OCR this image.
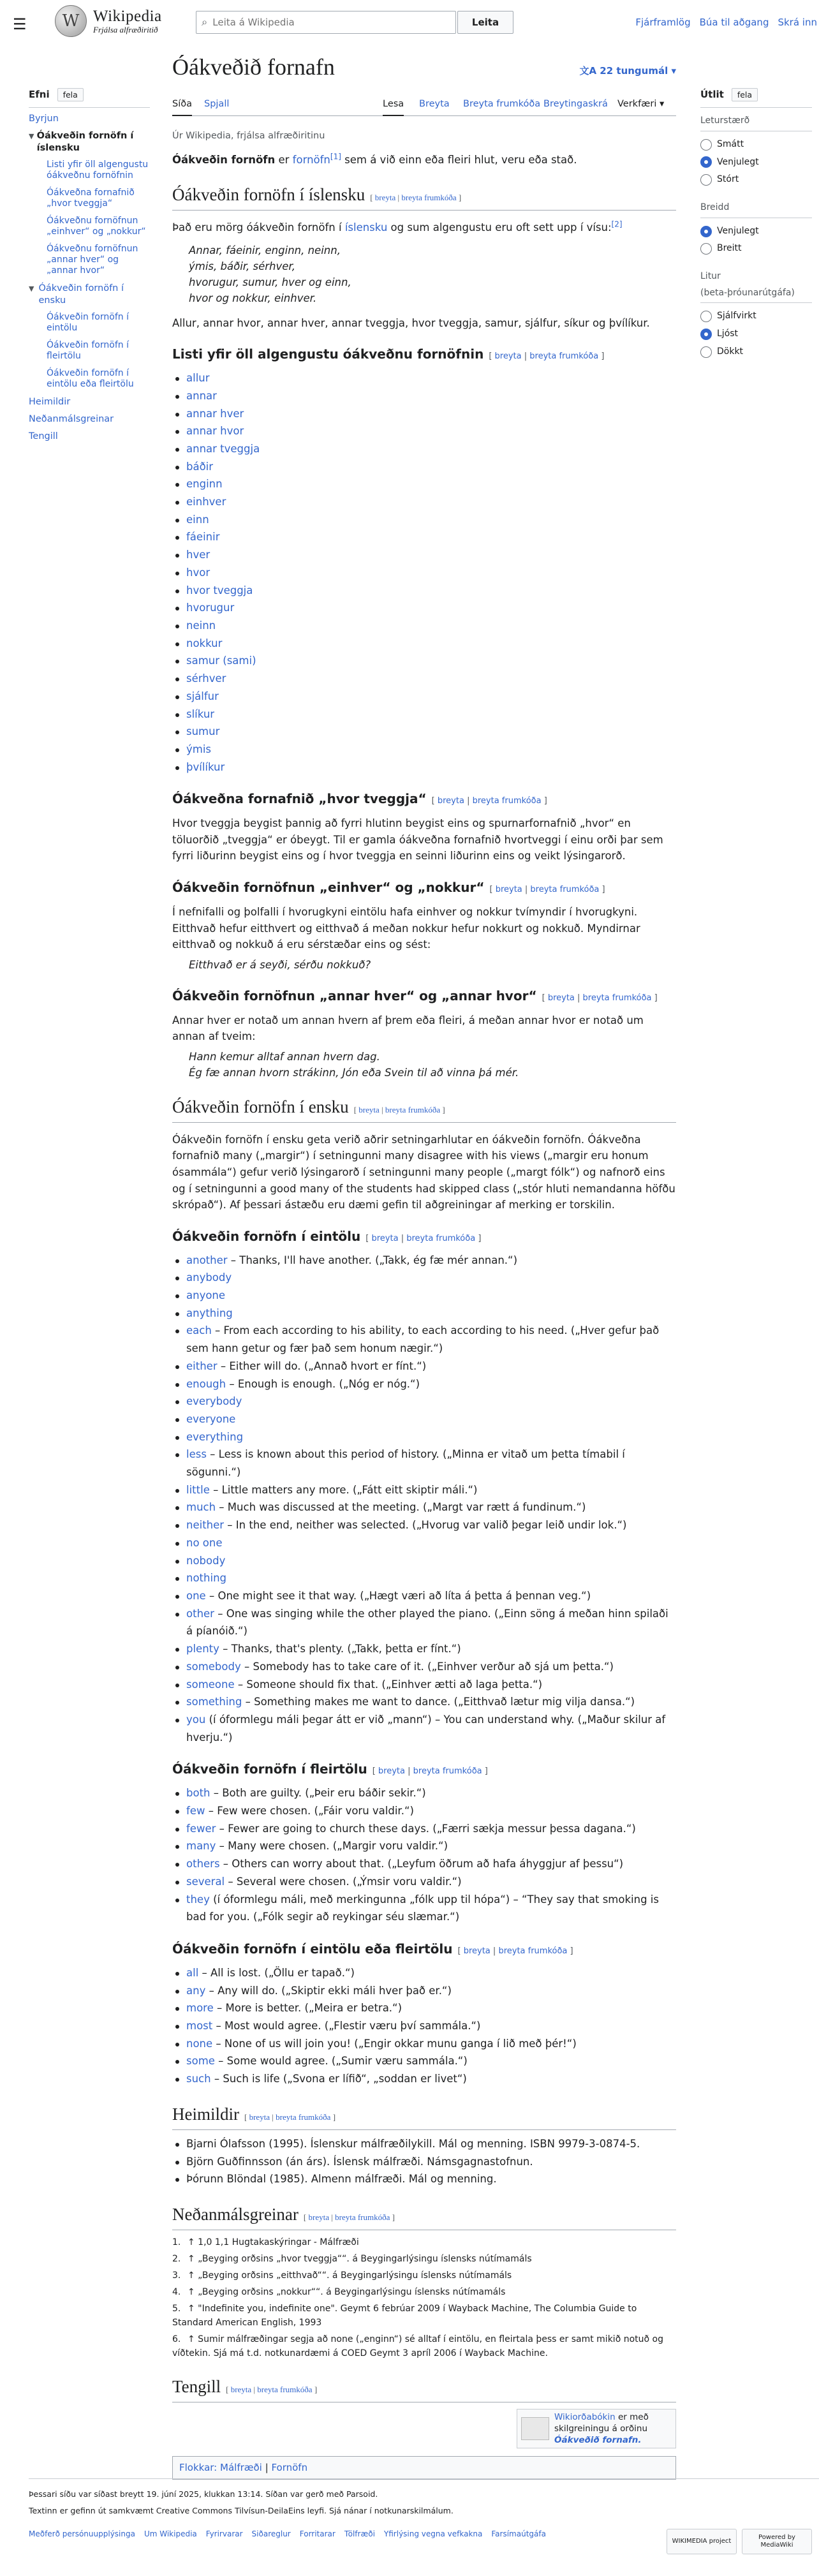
☰	W Wikipedia
Frjálsa alfræðiritið
⌕
Leita á Wikipedia	Leita	Fjárframlög Búa til aðgang Skrá inn
Efni	fela
Byrjun
▼ Óákveðin fornöfn í íslensku
Listi yfir öll algengustu óákveðnu fornöfnin
Óákveðna fornafnið „hvor tveggja“
Óákveðnu fornöfnun „einhver“ og „nokkur“
Óákveðnu fornöfnun „annar hver“ og „annar hvor“
▼ Óákveðin fornöfn í ensku
Óákveðin fornöfn í eintölu
Óákveðin fornöfn í fleirtölu
Óákveðin fornöfn í eintölu eða fleirtölu
Heimildir
Neðanmálsgreinar
Tengill
Útlit	fela
Leturstærð
Smátt
Venjulegt
Stórt
Breidd
Venjulegt
Breitt
Litur
(beta-þróunarútgáfa)
Sjálfvirkt
Ljóst
Dökkt
Óákveðið fornafn	文A 22 tungumál ▾
Síða Spjall	Lesa Breyta Breyta frumkóða Breytingaskrá Verkfæri ▾
Úr Wikipedia, frjálsa alfræðiritinu

Óákveðin fornöfn er fornöfn[1] sem á við einn eða fleiri hlut, veru eða stað.

Óákveðin fornöfn í íslensku [ breyta | breyta frumkóða ]

Það eru mörg óákveðin fornöfn í íslensku og sum algengustu eru oft sett upp í vísu:[2]

Annar, fáeinir, enginn, neinn,
ýmis, báðir, sérhver,
hvorugur, sumur, hver og einn,
hvor og nokkur, einhver.

Allur, annar hvor, annar hver, annar tveggja, hvor tveggja, samur, sjálfur, síkur og þvílíkur.

Listi yfir öll algengustu óákveðnu fornöfnin [ breyta | breyta frumkóða ]
allur
annar
annar hver
annar hvor
annar tveggja
báðir
enginn
einhver
einn
fáeinir
hver
hvor
hvor tveggja
hvorugur
neinn
nokkur
samur (sami)
sérhver
sjálfur
slíkur
sumur
ýmis
þvílíkur
Óákveðna fornafnið „hvor tveggja“ [ breyta | breyta frumkóða ]

Hvor tveggja beygist þannig að fyrri hlutinn beygist eins og spurnarfornafnið „hvor“ en töluorðið „tveggja“ er óbeygt. Til er gamla óákveðna fornafnið hvortveggi í einu orði þar sem fyrri liðurinn beygist eins og í hvor tveggja en seinni liðurinn eins og veikt lýsingarorð.

Óákveðin fornöfnun „einhver“ og „nokkur“ [ breyta | breyta frumkóða ]

Í nefnifalli og þolfalli í hvorugkyni eintölu hafa einhver og nokkur tvímyndir í hvorugkyni. Eitthvað hefur eitthvert og eitthvað á meðan nokkur hefur nokkurt og nokkuð. Myndirnar eitthvað og nokkuð á eru sérstæðar eins og sést:

Eitthvað er á seyði, sérðu nokkuð?
Óákveðin fornöfnun „annar hver“ og „annar hvor“ [ breyta | breyta frumkóða ]

Annar hver er notað um annan hvern af þrem eða fleiri, á meðan annar hvor er notað um annan af tveim:

Hann kemur alltaf annan hvern dag.
Ég fæ annan hvorn strákinn, Jón eða Svein til að vinna þá mér.
Óákveðin fornöfn í ensku [ breyta | breyta frumkóða ]

Óákveðin fornöfn í ensku geta verið aðrir setningarhlutar en óákveðin fornöfn. Óákveðna fornafnið many („margir“) í setningunni many disagree with his views („margir eru honum ósammála“) gefur verið lýsingarorð í setningunni many people („margt fólk“) og nafnorð eins og í setningunni a good many of the students had skipped class („stór hluti nemandanna höfðu skrópað“). Af þessari ástæðu eru dæmi gefin til aðgreiningar af merking er torskilin.

Óákveðin fornöfn í eintölu [ breyta | breyta frumkóða ]
another – Thanks, I'll have another. („Takk, ég fæ mér annan.“)
anybody
anyone
anything
each – From each according to his ability, to each according to his need. („Hver gefur það sem hann getur og fær það sem honum nægir.“)
either – Either will do. („Annað hvort er fínt.“)
enough – Enough is enough. („Nóg er nóg.“)
everybody
everyone
everything
less – Less is known about this period of history. („Minna er vitað um þetta tímabil í sögunni.“)
little – Little matters any more. („Fátt eitt skiptir máli.“)
much – Much was discussed at the meeting. („Margt var rætt á fundinum.“)
neither – In the end, neither was selected. („Hvorug var valið þegar leið undir lok.“)
no one
nobody
nothing
one – One might see it that way. („Hægt væri að líta á þetta á þennan veg.“)
other – One was singing while the other played the piano. („Einn söng á meðan hinn spilaði á píanóið.“)
plenty – Thanks, that's plenty. („Takk, þetta er fínt.“)
somebody – Somebody has to take care of it. („Einhver verður að sjá um þetta.“)
someone – Someone should fix that. („Einhver ætti að laga þetta.“)
something – Something makes me want to dance. („Eitthvað lætur mig vilja dansa.“)
you (í óformlegu máli þegar átt er við „mann“) – You can understand why. („Maður skilur af hverju.“)
Óákveðin fornöfn í fleirtölu [ breyta | breyta frumkóða ]
both – Both are guilty. („Þeir eru báðir sekir.“)
few – Few were chosen. („Fáir voru valdir.“)
fewer – Fewer are going to church these days. („Færri sækja messur þessa dagana.“)
many – Many were chosen. („Margir voru valdir.“)
others – Others can worry about that. („Leyfum öðrum að hafa áhyggjur af þessu“)
several – Several were chosen. („Ýmsir voru valdir.“)
they (í óformlegu máli, með merkingunna „fólk upp til hópa“) – “They say that smoking is bad for you. („Fólk segir að reykingar séu slæmar.“)
Óákveðin fornöfn í eintölu eða fleirtölu [ breyta | breyta frumkóða ]
all – All is lost. („Öllu er tapað.“)
any – Any will do. („Skiptir ekki máli hver það er.“)
more – More is better. („Meira er betra.“)
most – Most would agree. („Flestir væru því sammála.“)
none – None of us will join you! („Engir okkar munu ganga í lið með þér!“)
some – Some would agree. („Sumir væru sammála.“)
such – Such is life („Svona er lífið“, „soddan er livet“)
Heimildir [ breyta | breyta frumkóða ]
Bjarni Ólafsson (1995). Íslenskur málfræðilykill. Mál og menning. ISBN 9979-3-0874-5.
Björn Guðfinnsson (án árs). Íslensk málfræði. Námsgagnastofnun.
Þórunn Blöndal (1985). Almenn málfræði. Mál og menning.
Neðanmálsgreinar [ breyta | breyta frumkóða ]
1. ↑ 1,0 1,1 Hugtakaskýringar - Málfræði
2. ↑ „Beyging orðsins „hvor tveggja““. á Beygingarlýsingu íslensks nútímamáls
3. ↑ „Beyging orðsins „eitthvað““. á Beygingarlýsingu íslensks nútímamáls
4. ↑ „Beyging orðsins „nokkur““. á Beygingarlýsingu íslensks nútímamáls
5. ↑ "Indefinite you, indefinite one". Geymt 6 febrúar 2009 í Wayback Machine, The Columbia Guide to Standard American English, 1993
6. ↑ Sumir málfræðingar segja að none („enginn“) sé alltaf í eintölu, en fleirtala þess er samt mikið notuð og víðtekin. Sjá má t.d. notkunardæmi á COED Geymt 3 apríl 2006 í Wayback Machine.
Tengill [ breyta | breyta frumkóða ]
Wikiorðabókin er með skilgreiningu á orðinu Óákveðið fornafn.
Flokkar: Málfræði | Fornöfn
Þessari síðu var síðast breytt 19. júní 2025, klukkan 13:14. Síðan var gerð með Parsoid.
Textinn er gefinn út samkvæmt Creative Commons Tilvísun-DeilaEins leyfi. Sjá nánar í notkunarskilmálum.
Meðferð persónuupplýsinga Um Wikipedia Fyrirvarar Siðareglur Forritarar Tölfræði Yfirlýsing vegna vefkakna Farsímaútgáfa
WIKIMEDIA project
Powered by MediaWiki
